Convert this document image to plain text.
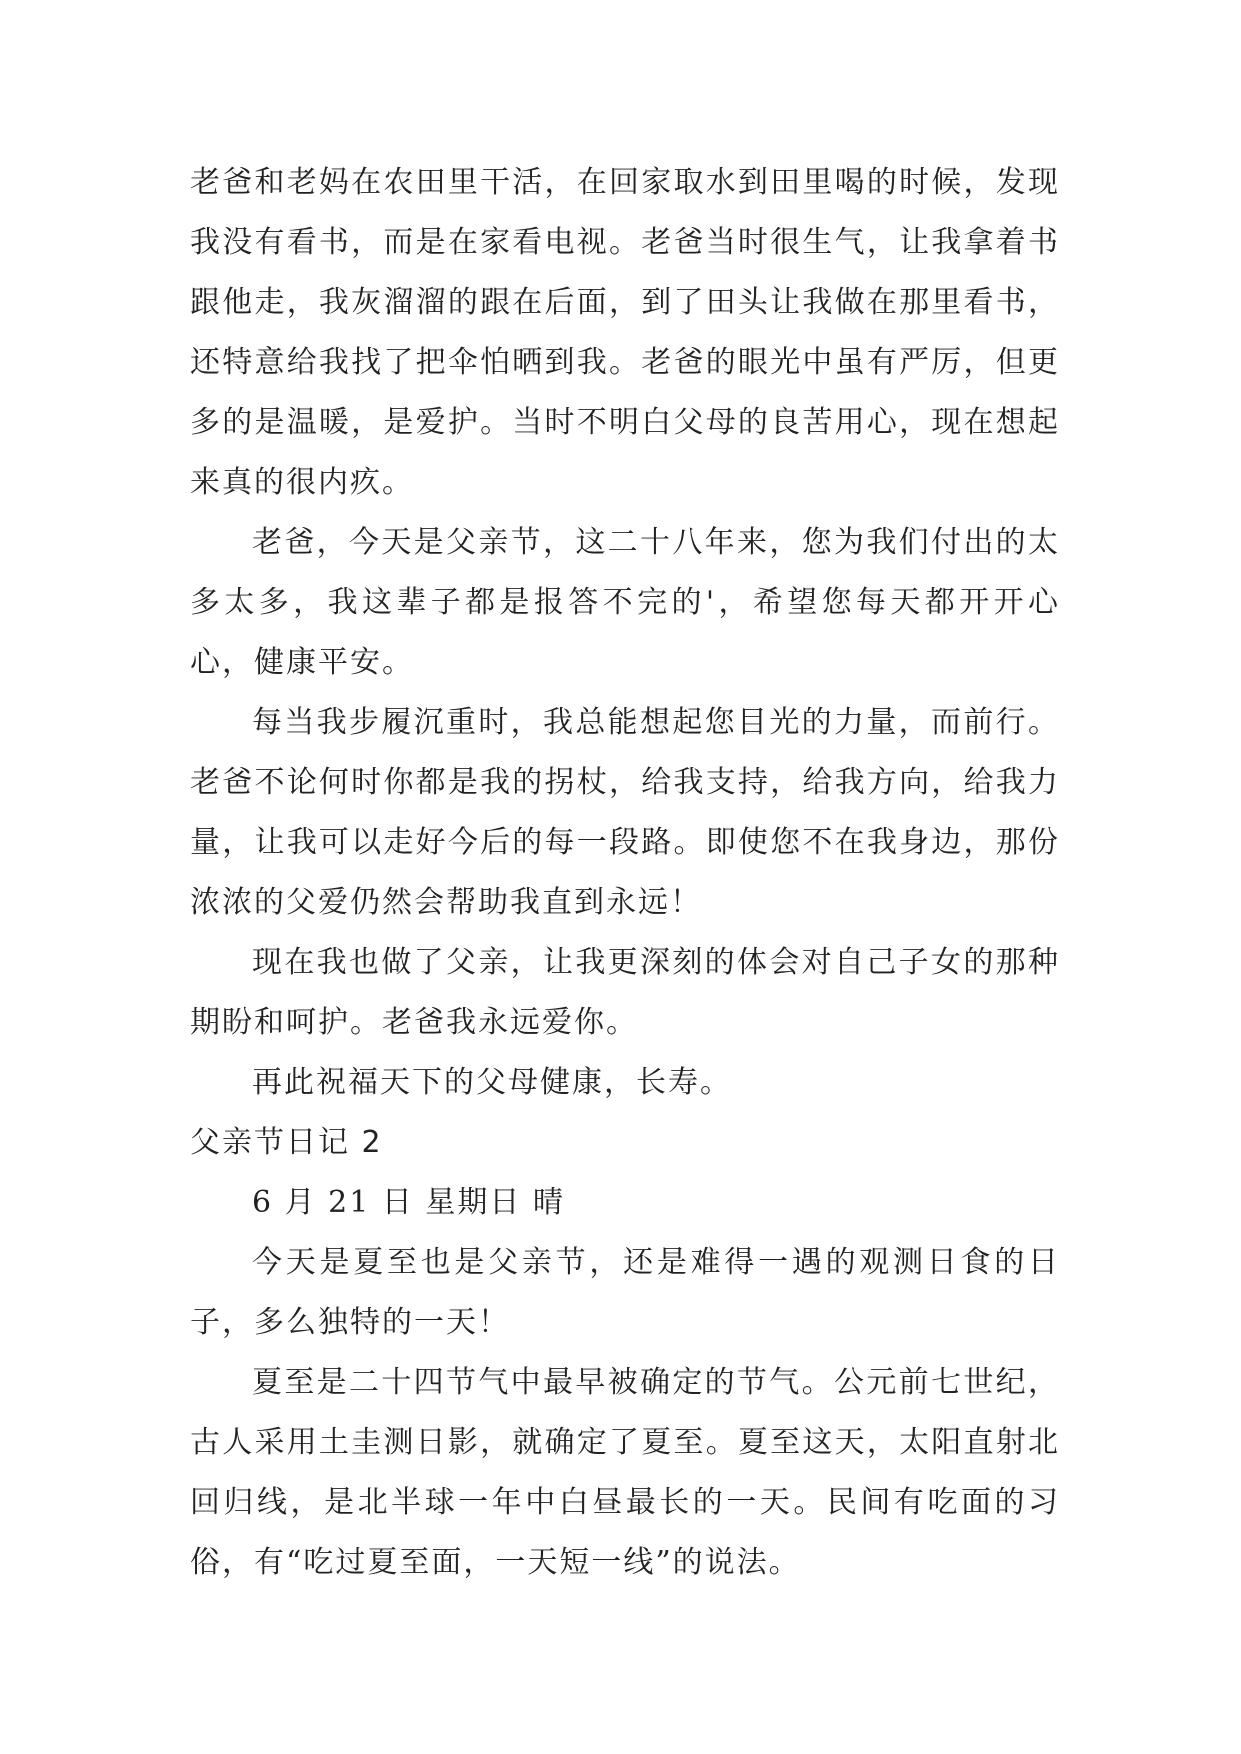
老爸和老妈在农田里干活，在回家取水到田里喝的时候，发现我没有看书，而是在家看电视。老爸当时很生气，让我拿着书跟他走，我灰溜溜的跟在后面，到了田头让我做在那里看书，还特意给我找了把伞怕晒到我。老爸的眼光中虽有严厉，但更多的是温暖，是爱护。当时不明白父母的良苦用心，现在想起来真的很内疚。

老爸，今天是父亲节，这二十八年来，您为我们付出的太多太多，我这辈子都是报答不完的'，希望您每天都开开心心，健康平安。

每当我步履沉重时，我总能想起您目光的力量，而前行。老爸不论何时你都是我的拐杖，给我支持，给我方向，给我力量，让我可以走好今后的每一段路。即使您不在我身边，那份浓浓的父爱仍然会帮助我直到永远！

现在我也做了父亲，让我更深刻的体会对自己子女的那种期盼和呵护。老爸我永远爱你。

再此祝福天下的父母健康，长寿。

父亲节日记 2

6 月 21 日 星期日 晴

今天是夏至也是父亲节，还是难得一遇的观测日食的日子，多么独特的一天！

夏至是二十四节气中最早被确定的节气。公元前七世纪，古人采用土圭测日影，就确定了夏至。夏至这天，太阳直射北回归线，是北半球一年中白昼最长的一天。民间有吃面的习俗，有“吃过夏至面，一天短一线”的说法。
